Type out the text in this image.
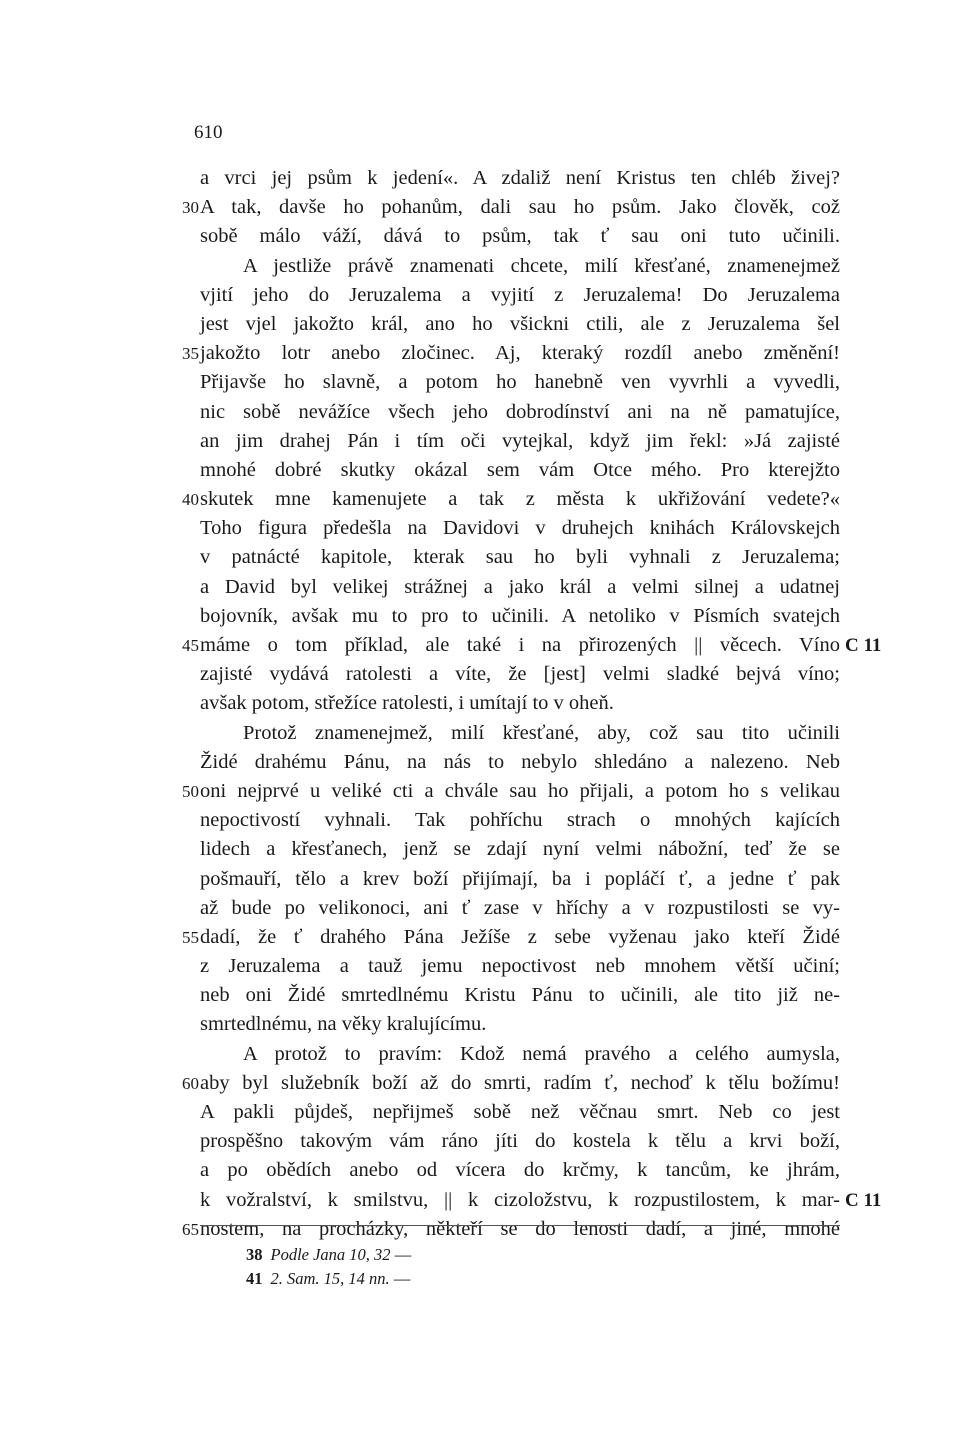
610
a vrci jej psům k jedení«. A zdaliž není Kristus ten chléb živej?
30 A tak, davše ho pohanům, dali sau ho psům. Jako člověk, což
sobě málo váží, dává to psům, tak ť sau oni tuto učinili.
A jestliže právě znamenati chcete, milí křesťané, znamenejmež
vjití jeho do Jeruzalema a vyjití z Jeruzalema! Do Jeruzalema
jest vjel jakožto král, ano ho všickni ctili, ale z Jeruzalema šel
35 jakožto lotr anebo zločinec. Aj, kteraký rozdíl anebo změnění!
Přijavše ho slavně, a potom ho hanebně ven vyvrhli a vyvedli,
nic sobě nevážíce všech jeho dobrodínství ani na ně pamatujíce,
an jim drahej Pán i tím oči vytejkal, když jim řekl: »Já zajisté
mnohé dobré skutky okázal sem vám Otce mého. Pro kterejžto
40 skutek mne kamenujete a tak z města k ukřižování vedete?«
Toho figura předešla na Davidovi v druhejch knihách Královskejch
v patnácté kapitole, kterak sau ho byli vyhnali z Jeruzalema;
a David byl velikej strážnej a jako král a velmi silnej a udatnej
bojovník, avšak mu to pro to učinili. A netoliko v Písmích svatejch
45 máme o tom příklad, ale také i na přirozených || věcech. Víno C 11
zajisté vydává ratolesti a víte, že [jest] velmi sladké bejvá víno;
avšak potom, střežíce ratolesti, i umítají to v oheň.
Protož znamenejmež, milí křesťané, aby, což sau tito učinili
Židé drahému Pánu, na nás to nebylo shledáno a nalezeno. Neb
50 oni nejprvé u veliké cti a chvále sau ho přijali, a potom ho s velikau
nepoctivostí vyhnali. Tak pohříchu strach o mnohých kajících
lidech a křesťanech, jenž se zdají nyní velmi nábožní, teď že se
pošmauří, tělo a krev boží přijímají, ba i popláčí ť, a jedne ť pak
až bude po velikonoci, ani ť zase v hříchy a v rozpustilosti se vy-
55 dadí, že ť drahého Pána Ježíše z sebe vyženau jako kteří Židé
z Jeruzalema a tauž jemu nepoctivost neb mnohem větší učiní;
neb oni Židé smrtedlnému Kristu Pánu to učinili, ale tito již ne-
smrtedlnému, na věky kralujícímu.
A protož to pravím: Kdož nemá pravého a celého aumysla,
60 aby byl služebník boží až do smrti, radím ť, nechoď k tělu božímu!
A pakli půjdeš, nepřijmeš sobě než věčnau smrt. Neb co jest
prospěšno takovým vám ráno jíti do kostela k tělu a krvi boží,
a po obědích anebo od vícera do krčmy, k tancům, ke jhrám,
k vožralství, k smilstvu, || k cizoložstvu, k rozpustilostem, k mar- C 11
65 nostem, na procházky, někteří se do lenosti dadí, a jiné, mnohé
38 Podle Jana 10, 32 —
41 2. Sam. 15, 14 nn. —
